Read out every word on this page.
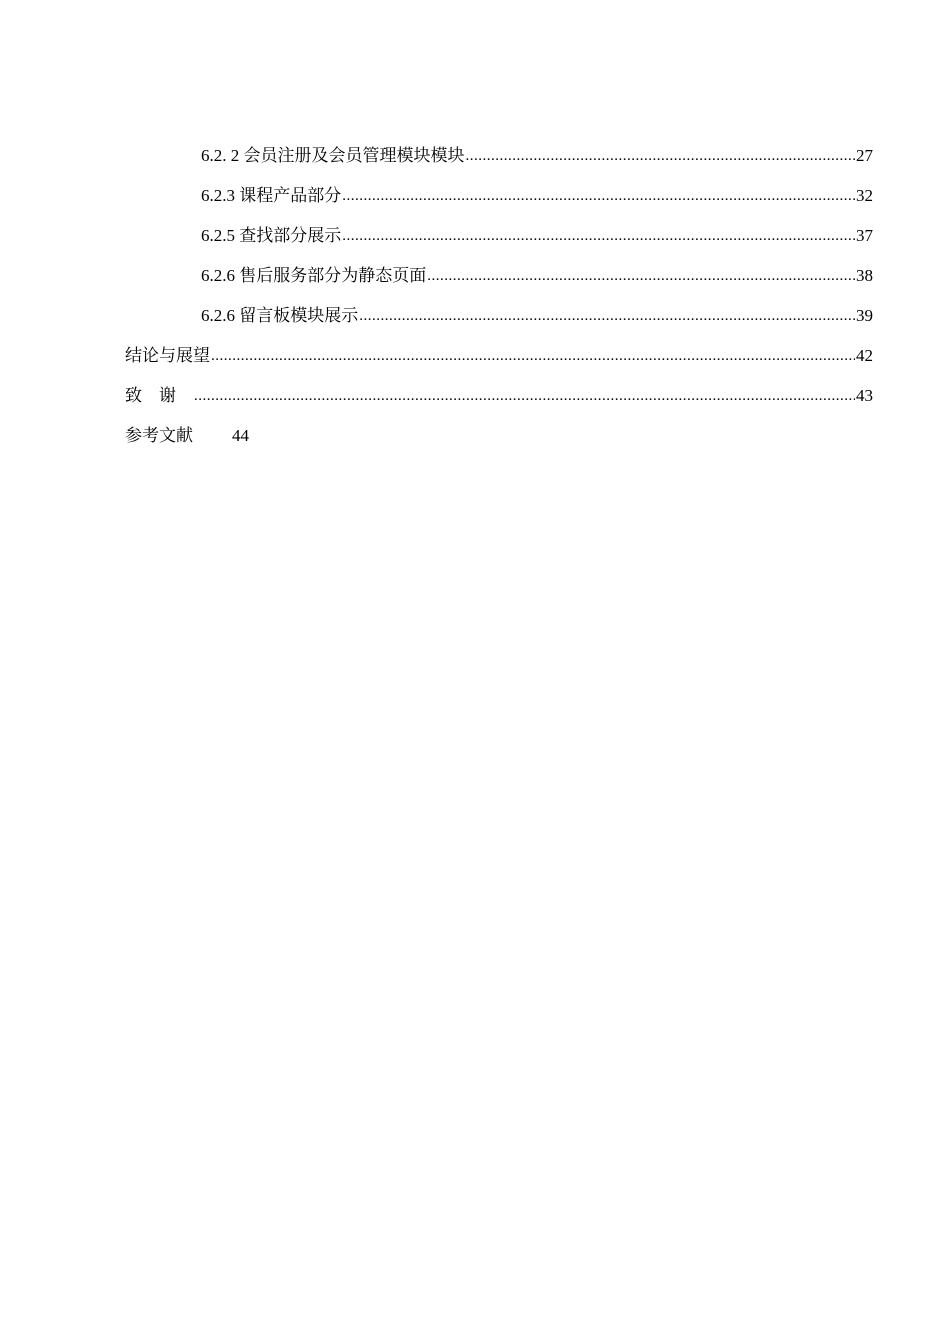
6.2. 2 会员注册及会员管理模块模块 .....	27
6.2.3 课程产品部分 .....	32
6.2.5 查找部分展示 .....	37
6.2.6 售后服务部分为静态页面 .....	38
6.2.6 留言板模块展示 .....	39
结论与展望 .....	42
致谢 .....	43
参考文献 44
